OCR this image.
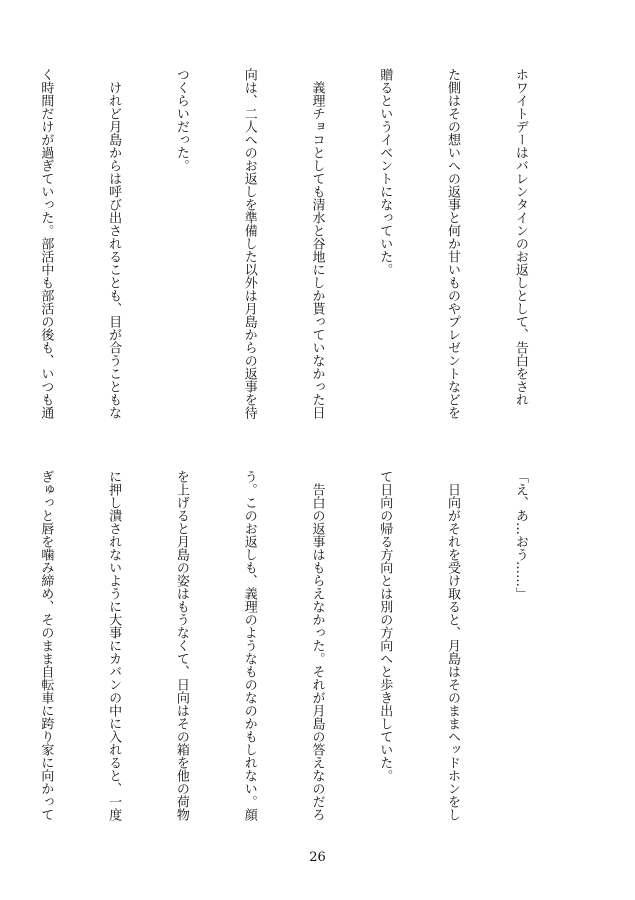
ホワイトデーはバレンタインのお返しとして、告白をされ

た側はその想いへの返事と何か甘いものやプレゼントなどを

贈るというイベントになっていた。

　義理チョコとしても清水と谷地にしか貰っていなかった日

向は、二人へのお返しを準備した以外は月島からの返事を待

つくらいだった。

　けれど月島からは呼び出されることも、目が合うこともな

く時間だけが過ぎていった。部活中も部活の後も、いつも通

「え、あ…おう……」

　日向がそれを受け取ると、月島はそのままヘッドホンをし

て日向の帰る方向とは別の方向へと歩き出していた。

　告白の返事はもらえなかった。それが月島の答えなのだろ

う。このお返しも、義理のようなものなのかもしれない。顔

を上げると月島の姿はもうなくて、日向はその箱を他の荷物

に押し潰されないように大事にカバンの中に入れると、一度

ぎゅっと唇を噛み締め、そのまま自転車に跨り家に向かって

26
